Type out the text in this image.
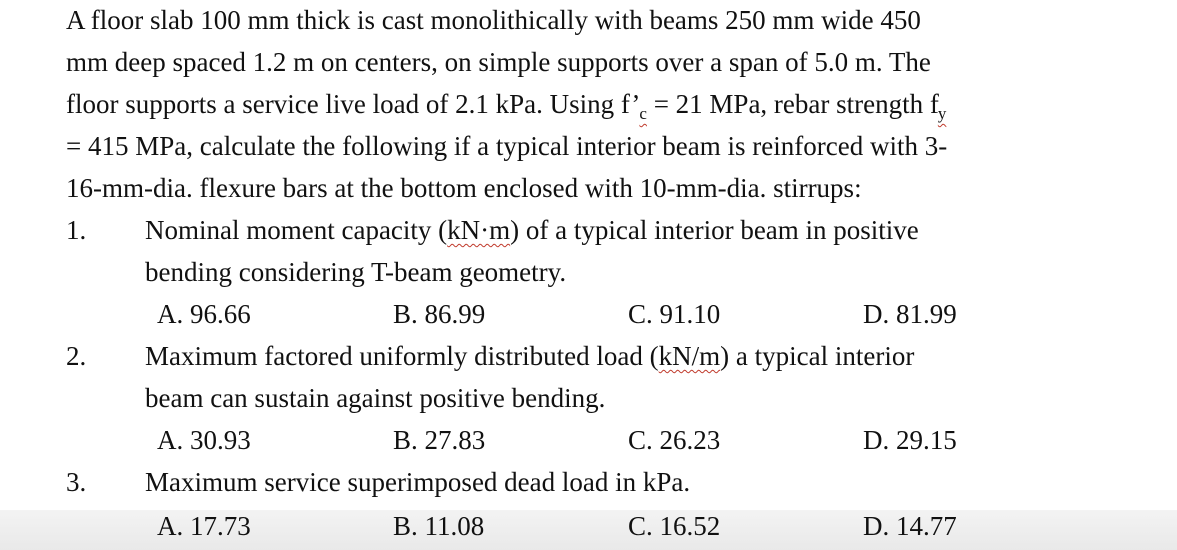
A floor slab 100 mm thick is cast monolithically with beams 250 mm wide 450
mm deep spaced 1.2 m on centers, on simple supports over a span of 5.0 m. The
floor supports a service live load of 2.1 kPa. Using $f’_c = 21$ MPa, rebar strength $f_y$
= 415 MPa, calculate the following if a typical interior beam is reinforced with 3-
16-mm-dia. flexure bars at the bottom enclosed with 10-mm-dia. stirrups:
1. Nominal moment capacity (kN·m) of a typical interior beam in positive
bending considering T-beam geometry.
A. 96.66	B. 86.99	C. 91.10	D. 81.99
2. Maximum factored uniformly distributed load (kN/m) a typical interior
beam can sustain against positive bending.
A. 30.93	B. 27.83	C. 26.23	D. 29.15
3. Maximum service superimposed dead load in kPa.
A. 17.73	B. 11.08	C. 16.52	D. 14.77
